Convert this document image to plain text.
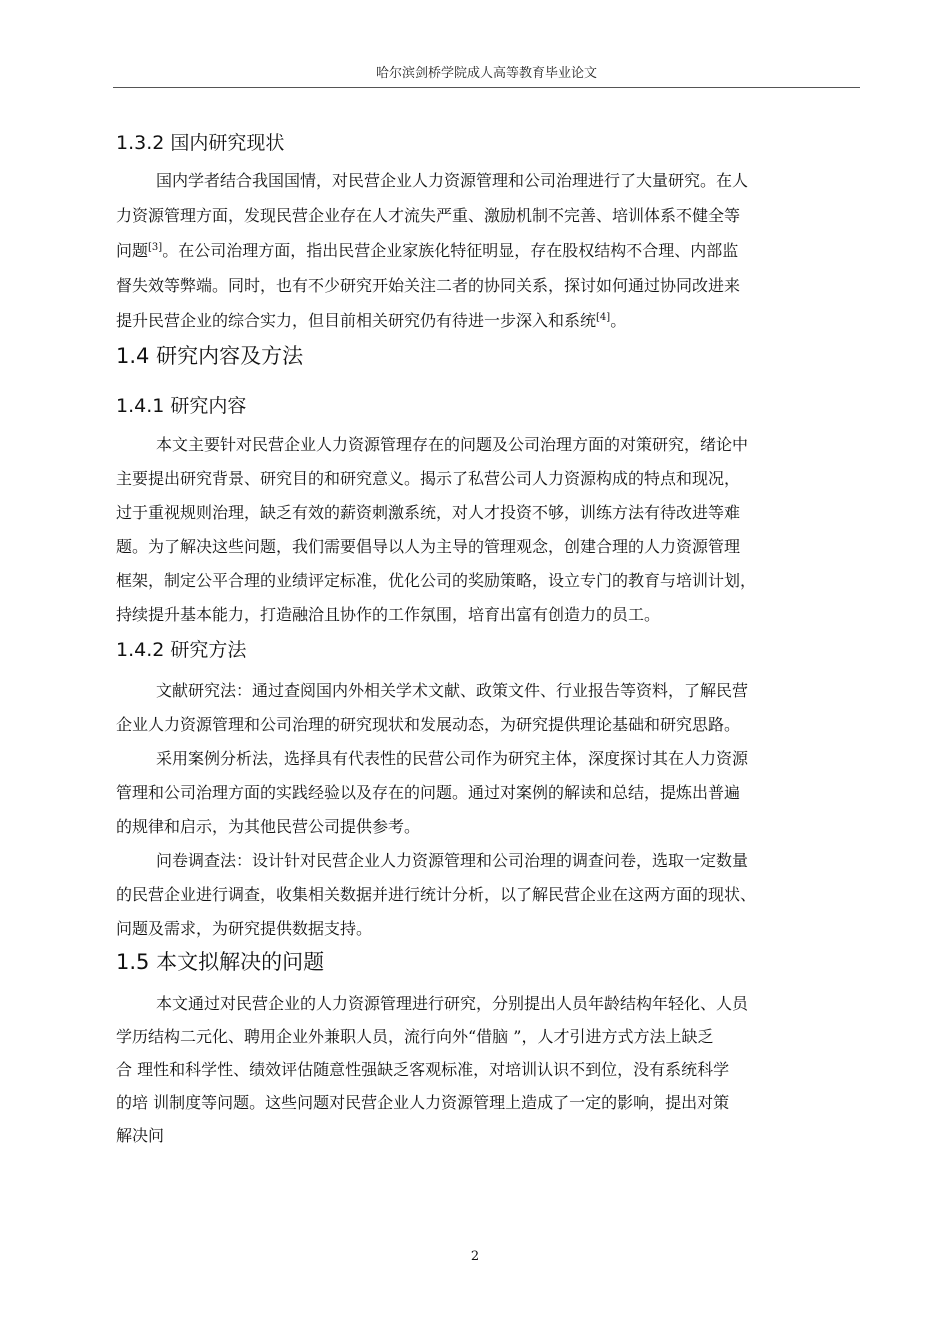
哈尔滨剑桥学院成人高等教育毕业论文
1.3.2 国内研究现状
国内学者结合我国国情，对民营企业人力资源管理和公司治理进行了大量研究。在人
力资源管理方面，发现民营企业存在人才流失严重、激励机制不完善、培训体系不健全等
问题[3]。在公司治理方面，指出民营企业家族化特征明显，存在股权结构不合理、内部监
督失效等弊端。同时，也有不少研究开始关注二者的协同关系，探讨如何通过协同改进来
提升民营企业的综合实力，但目前相关研究仍有待进一步深入和系统[4]。
1.4 研究内容及方法
1.4.1 研究内容
本文主要针对民营企业人力资源管理存在的问题及公司治理方面的对策研究，绪论中
主要提出研究背景、研究目的和研究意义。揭示了私营公司人力资源构成的特点和现况，
过于重视规则治理，缺乏有效的薪资刺激系统，对人才投资不够，训练方法有待改进等难
题。为了解决这些问题，我们需要倡导以人为主导的管理观念，创建合理的人力资源管理
框架，制定公平合理的业绩评定标准，优化公司的奖励策略，设立专门的教育与培训计划，
持续提升基本能力，打造融洽且协作的工作氛围，培育出富有创造力的员工。
1.4.2 研究方法
文献研究法：通过查阅国内外相关学术文献、政策文件、行业报告等资料，了解民营
企业人力资源管理和公司治理的研究现状和发展动态，为研究提供理论基础和研究思路。
采用案例分析法，选择具有代表性的民营公司作为研究主体，深度探讨其在人力资源
管理和公司治理方面的实践经验以及存在的问题。通过对案例的解读和总结，提炼出普遍
的规律和启示，为其他民营公司提供参考。
问卷调查法：设计针对民营企业人力资源管理和公司治理的调查问卷，选取一定数量
的民营企业进行调查，收集相关数据并进行统计分析，以了解民营企业在这两方面的现状、
问题及需求，为研究提供数据支持。
1.5 本文拟解决的问题
本文通过对民营企业的人力资源管理进行研究，分别提出人员年龄结构年轻化、人员
学历结构二元化、聘用企业外兼职人员，流行向外“借脑 ”，人才引进方式方法上缺乏
合 理性和科学性、绩效评估随意性强缺乏客观标准，对培训认识不到位，没有系统科学
的培 训制度等问题。这些问题对民营企业人力资源管理上造成了一定的影响，提出对策
解决问
2
